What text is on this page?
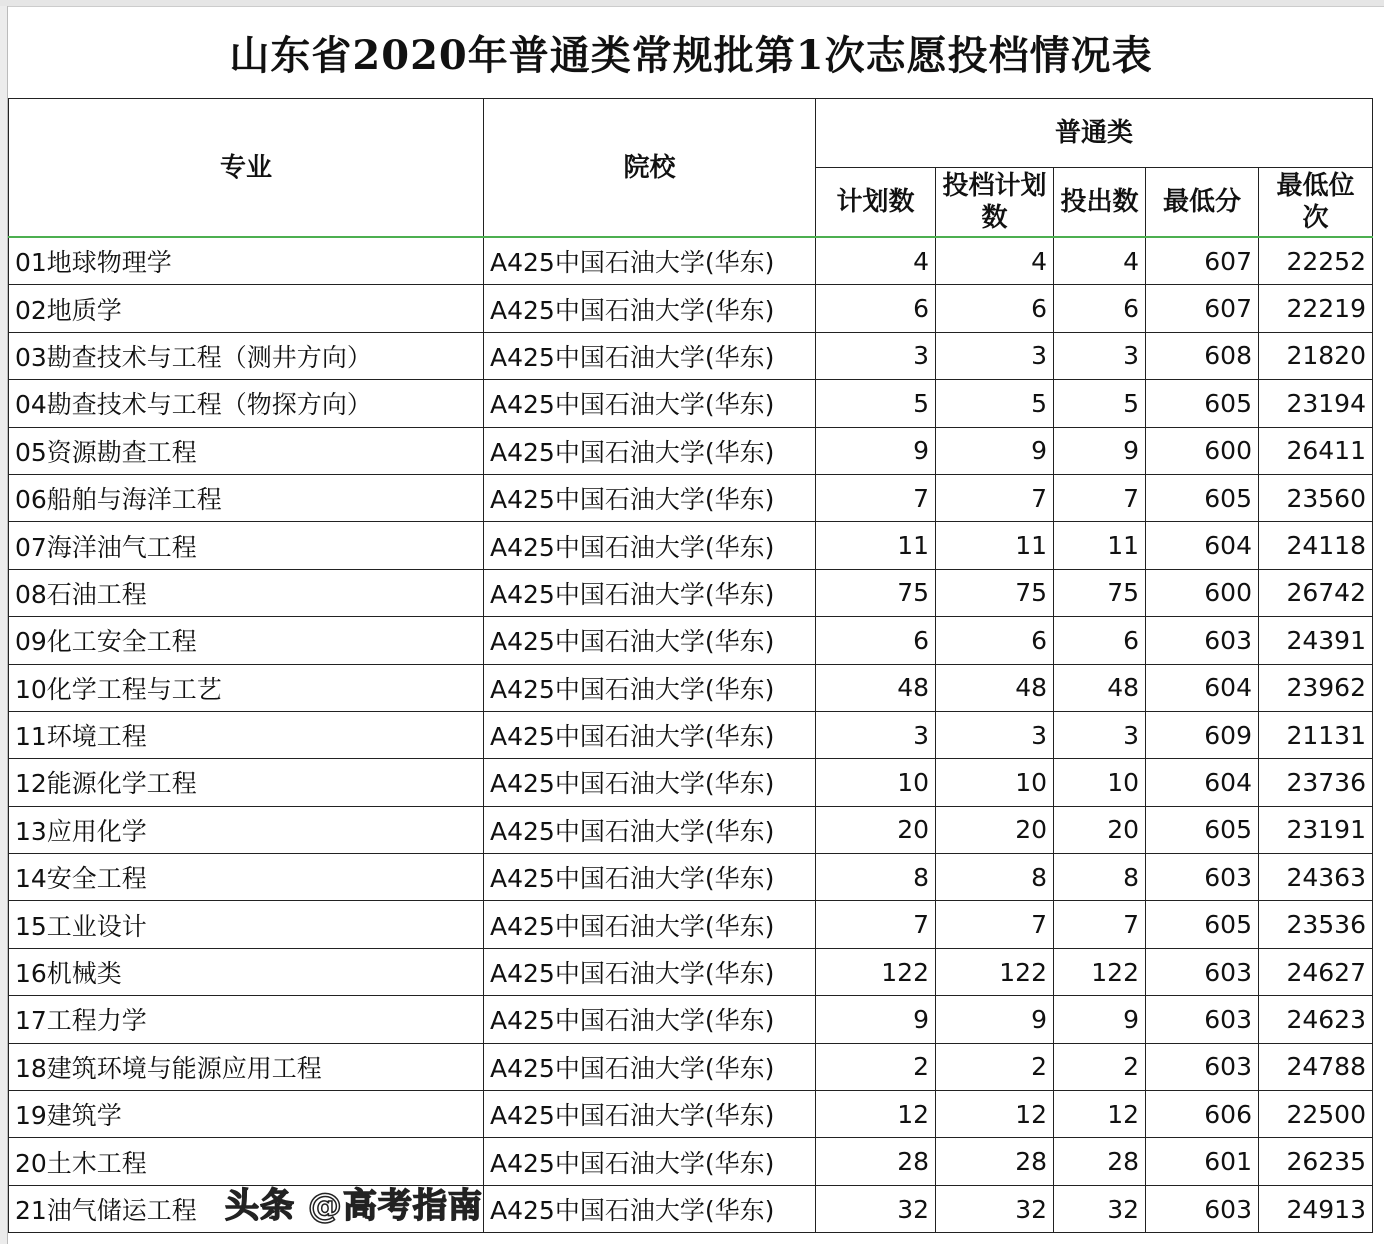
山东省2020年普通类常规批第1次志愿投档情况表
专业	院校	普通类				
		计划数	投档计划数	投出数	最低分	最低位次
01地球物理学	A425中国石油大学(华东)	4	4	4	607	22252
02地质学	A425中国石油大学(华东)	6	6	6	607	22219
03勘查技术与工程（测井方向）	A425中国石油大学(华东)	3	3	3	608	21820
04勘查技术与工程（物探方向）	A425中国石油大学(华东)	5	5	5	605	23194
05资源勘查工程	A425中国石油大学(华东)	9	9	9	600	26411
06船舶与海洋工程	A425中国石油大学(华东)	7	7	7	605	23560
07海洋油气工程	A425中国石油大学(华东)	11	11	11	604	24118
08石油工程	A425中国石油大学(华东)	75	75	75	600	26742
09化工安全工程	A425中国石油大学(华东)	6	6	6	603	24391
10化学工程与工艺	A425中国石油大学(华东)	48	48	48	604	23962
11环境工程	A425中国石油大学(华东)	3	3	3	609	21131
12能源化学工程	A425中国石油大学(华东)	10	10	10	604	23736
13应用化学	A425中国石油大学(华东)	20	20	20	605	23191
14安全工程	A425中国石油大学(华东)	8	8	8	603	24363
15工业设计	A425中国石油大学(华东)	7	7	7	605	23536
16机械类	A425中国石油大学(华东)	122	122	122	603	24627
17工程力学	A425中国石油大学(华东)	9	9	9	603	24623
18建筑环境与能源应用工程	A425中国石油大学(华东)	2	2	2	603	24788
19建筑学	A425中国石油大学(华东)	12	12	12	606	22500
20土木工程	A425中国石油大学(华东)	28	28	28	601	26235
21油气储运工程	A425中国石油大学(华东)	32	32	32	603	24913
头条 @高考指南
